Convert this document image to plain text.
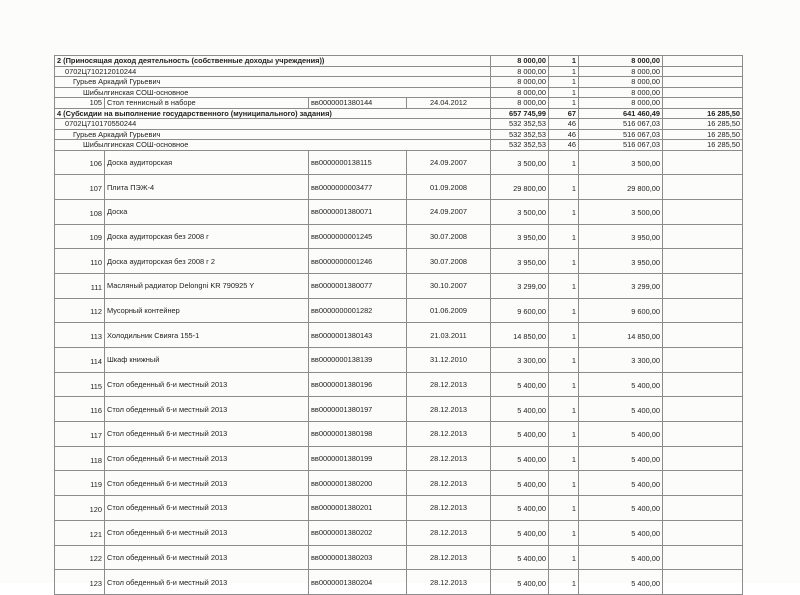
2 (Приносящая доход деятельность (собственные доходы учреждения))				8 000,00	1	8 000,00	
0702Ц710212010244				8 000,00	1	8 000,00	
Гурьев Аркадий Гурьевич				8 000,00	1	8 000,00	
Шибылгинская СОШ-основное				8 000,00	1	8 000,00	
105	Стол теннисный в наборе	вв0000001380144	24.04.2012	8 000,00	1	8 000,00	
4 (Субсидии на выполнение государственного (муниципального) задания)				657 745,99	67	641 460,49	16 285,50
0702Ц710170550244				532 352,53	46	516 067,03	16 285,50
Гурьев Аркадий Гурьевич				532 352,53	46	516 067,03	16 285,50
Шибылгинская СОШ-основное				532 352,53	46	516 067,03	16 285,50
106	Доска аудиторская	вв0000000138115	24.09.2007	3 500,00	1	3 500,00	
107	Плита ПЭЖ-4	вв0000000003477	01.09.2008	29 800,00	1	29 800,00	
108	Доска	вв0000001380071	24.09.2007	3 500,00	1	3 500,00	
109	Доска аудиторская без 2008 г	вв0000000001245	30.07.2008	3 950,00	1	3 950,00	
110	Доска аудиторская без 2008 г 2	вв0000000001246	30.07.2008	3 950,00	1	3 950,00	
111	Масляный радиатор Delongni KR 790925 Y	вв0000001380077	30.10.2007	3 299,00	1	3 299,00	
112	Мусорный контейнер	вв0000000001282	01.06.2009	9 600,00	1	9 600,00	
113	Холодильник Свияга 155-1	вв0000001380143	21.03.2011	14 850,00	1	14 850,00	
114	Шкаф книжный	вв0000000138139	31.12.2010	3 300,00	1	3 300,00	
115	Стол обеденный 6-и местный 2013	вв0000001380196	28.12.2013	5 400,00	1	5 400,00	
116	Стол обеденный 6-и местный 2013	вв0000001380197	28.12.2013	5 400,00	1	5 400,00	
117	Стол обеденный 6-и местный 2013	вв0000001380198	28.12.2013	5 400,00	1	5 400,00	
118	Стол обеденный 6-и местный 2013	вв0000001380199	28.12.2013	5 400,00	1	5 400,00	
119	Стол обеденный 6-и местный 2013	вв0000001380200	28.12.2013	5 400,00	1	5 400,00	
120	Стол обеденный 6-и местный 2013	вв0000001380201	28.12.2013	5 400,00	1	5 400,00	
121	Стол обеденный 6-и местный 2013	вв0000001380202	28.12.2013	5 400,00	1	5 400,00	
122	Стол обеденный 6-и местный 2013	вв0000001380203	28.12.2013	5 400,00	1	5 400,00	
123	Стол обеденный 6-и местный 2013	вв0000001380204	28.12.2013	5 400,00	1	5 400,00	
